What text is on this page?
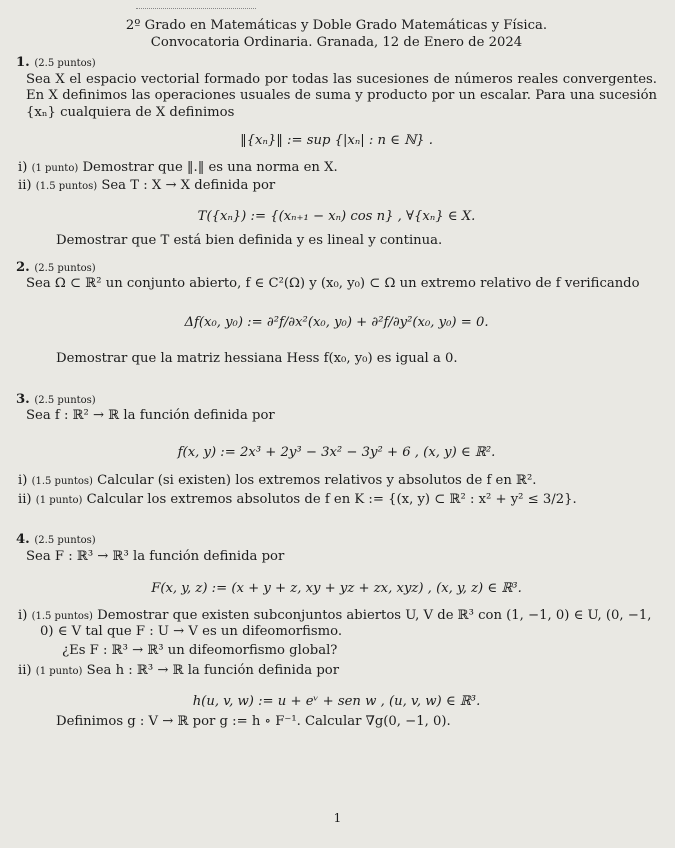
2º Grado en Matemáticas y Doble Grado Matemáticas y Física.
Convocatoria Ordinaria. Granada, 12 de Enero de 2024
1. (2.5 puntos)

Sea X el espacio vectorial formado por todas las sucesiones de números reales convergentes. En X definimos las operaciones usuales de suma y producto por un escalar. Para una sucesión {xₙ} cualquiera de X definimos

‖{xₙ}‖ := sup {|xₙ| : n ∈ ℕ} .
i) (1 punto) Demostrar que ‖.‖ es una norma en X.
ii) (1.5 puntos) Sea T : X → X definida por
T({xₙ}) := {(xₙ₊₁ − xₙ) cos n} , ∀{xₙ} ∈ X.

Demostrar que T está bien definida y es lineal y continua.

2. (2.5 puntos)

Sea Ω ⊂ ℝ² un conjunto abierto, f ∈ C²(Ω) y (x₀, y₀) ⊂ Ω un extremo relativo de f verificando

Δf(x₀, y₀) := ∂²f/∂x²(x₀, y₀) + ∂²f/∂y²(x₀, y₀) = 0.

Demostrar que la matriz hessiana Hess f(x₀, y₀) es igual a 0.

3. (2.5 puntos)

Sea f : ℝ² → ℝ la función definida por

f(x, y) := 2x³ + 2y³ − 3x² − 3y² + 6 , (x, y) ∈ ℝ².
i) (1.5 puntos) Calcular (si existen) los extremos relativos y absolutos de f en ℝ².
ii) (1 punto) Calcular los extremos absolutos de f en K := {(x, y) ⊂ ℝ² : x² + y² ≤ 3/2}.
4. (2.5 puntos)

Sea F : ℝ³ → ℝ³ la función definida por

F(x, y, z) := (x + y + z, xy + yz + zx, xyz) , (x, y, z) ∈ ℝ³.
i) (1.5 puntos) Demostrar que existen subconjuntos abiertos U, V de ℝ³ con (1, −1, 0) ∈ U, (0, −1, 0) ∈ V tal que F : U → V es un difeomorfismo.

¿Es F : ℝ³ → ℝ³ un difeomorfismo global?

ii) (1 punto) Sea h : ℝ³ → ℝ la función definida por
h(u, v, w) := u + eᵛ + sen w , (u, v, w) ∈ ℝ³.

Definimos g : V → ℝ por g := h ∘ F⁻¹. Calcular ∇g(0, −1, 0).

1
